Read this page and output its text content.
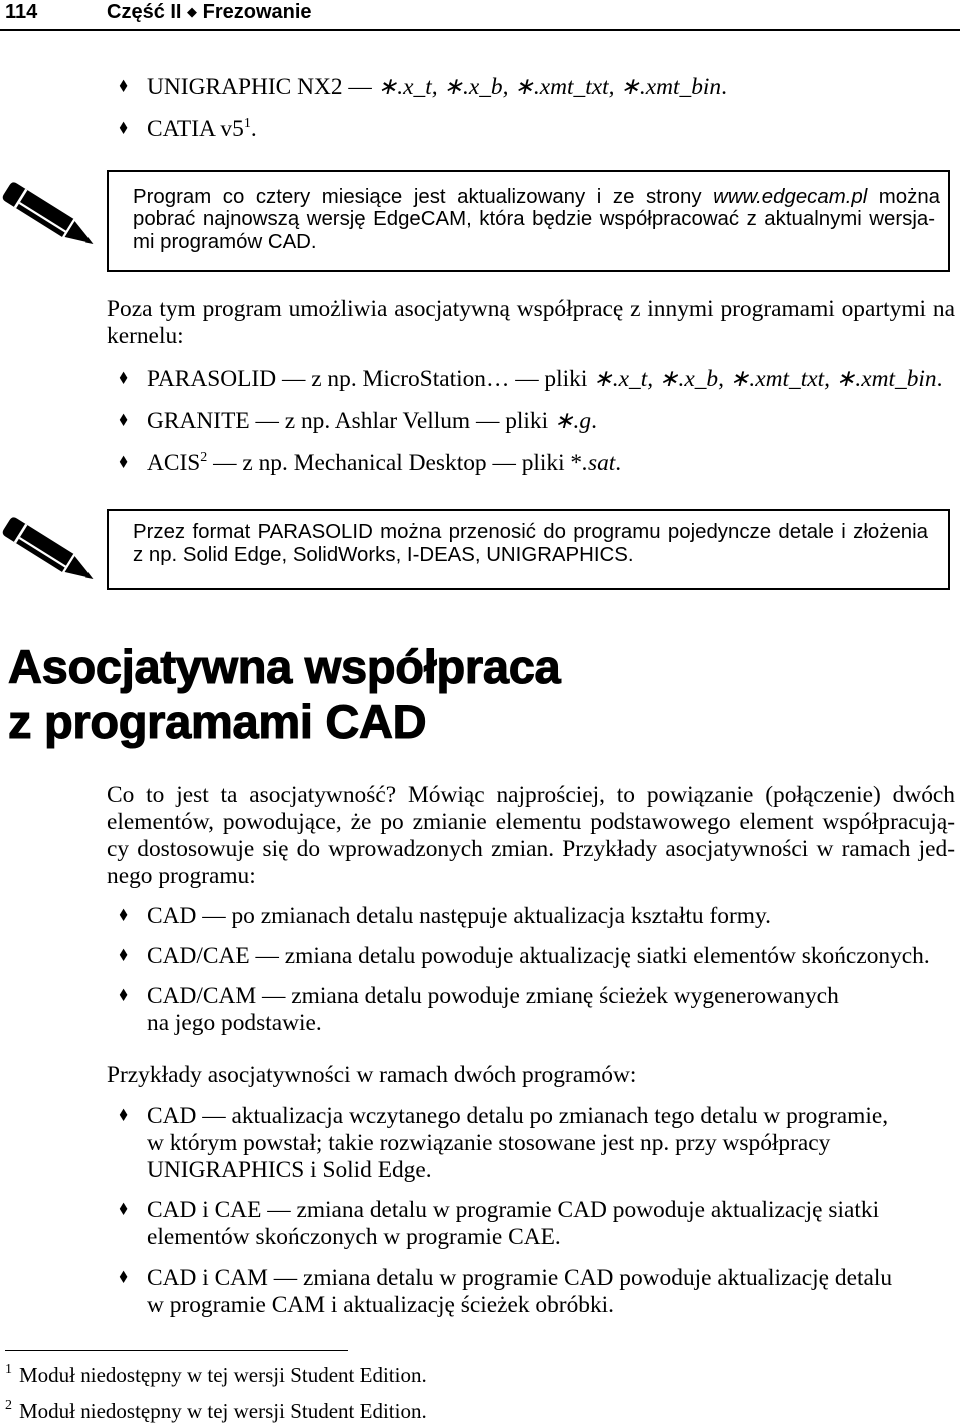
114	Część II ◆ Frezowanie
♦ UNIGRAPHIC NX2 — ∗.x_t, ∗.x_b, ∗.xmt_txt, ∗.xmt_bin.
♦ CATIA v5$^1$.
Program co cztery miesiące jest aktualizowany i ze strony www.edgecam.pl można
pobrać najnowszą wersję EdgeCAM, która będzie współpracować z aktualnymi wersja-
mi programów CAD.
Poza tym program umożliwia asocjatywną współpracę z innymi programami opartymi na
kernelu:
♦ PARASOLID — z np. MicroStation… — pliki ∗.x_t, ∗.x_b, ∗.xmt_txt, ∗.xmt_bin.
♦ GRANITE — z np. Ashlar Vellum — pliki ∗.g.
♦ ACIS$^2$ — z np. Mechanical Desktop — pliki *.sat.
Przez format PARASOLID można przenosić do programu pojedyncze detale i złożenia
z np. Solid Edge, SolidWorks, I-DEAS, UNIGRAPHICS.
Asocjatywna współpraca
z programami CAD
Co to jest ta asocjatywność? Mówiąc najprościej, to powiązanie (połączenie) dwóch
elementów, powodujące, że po zmianie elementu podstawowego element współpracują-
cy dostosowuje się do wprowadzonych zmian. Przykłady asocjatywności w ramach jed-
nego programu:
♦ CAD — po zmianach detalu następuje aktualizacja kształtu formy.
♦ CAD/CAE — zmiana detalu powoduje aktualizację siatki elementów skończonych.
♦ CAD/CAM — zmiana detalu powoduje zmianę ścieżek wygenerowanych
na jego podstawie.
Przykłady asocjatywności w ramach dwóch programów:
♦ CAD — aktualizacja wczytanego detalu po zmianach tego detalu w programie,
w którym powstał; takie rozwiązanie stosowane jest np. przy współpracy
UNIGRAPHICS i Solid Edge.
♦ CAD i CAE — zmiana detalu w programie CAD powoduje aktualizację siatki
elementów skończonych w programie CAE.
♦ CAD i CAM — zmiana detalu w programie CAD powoduje aktualizację detalu
w programie CAM i aktualizację ścieżek obróbki.
$^1$ Moduł niedostępny w tej wersji Student Edition.
$^2$ Moduł niedostępny w tej wersji Student Edition.
